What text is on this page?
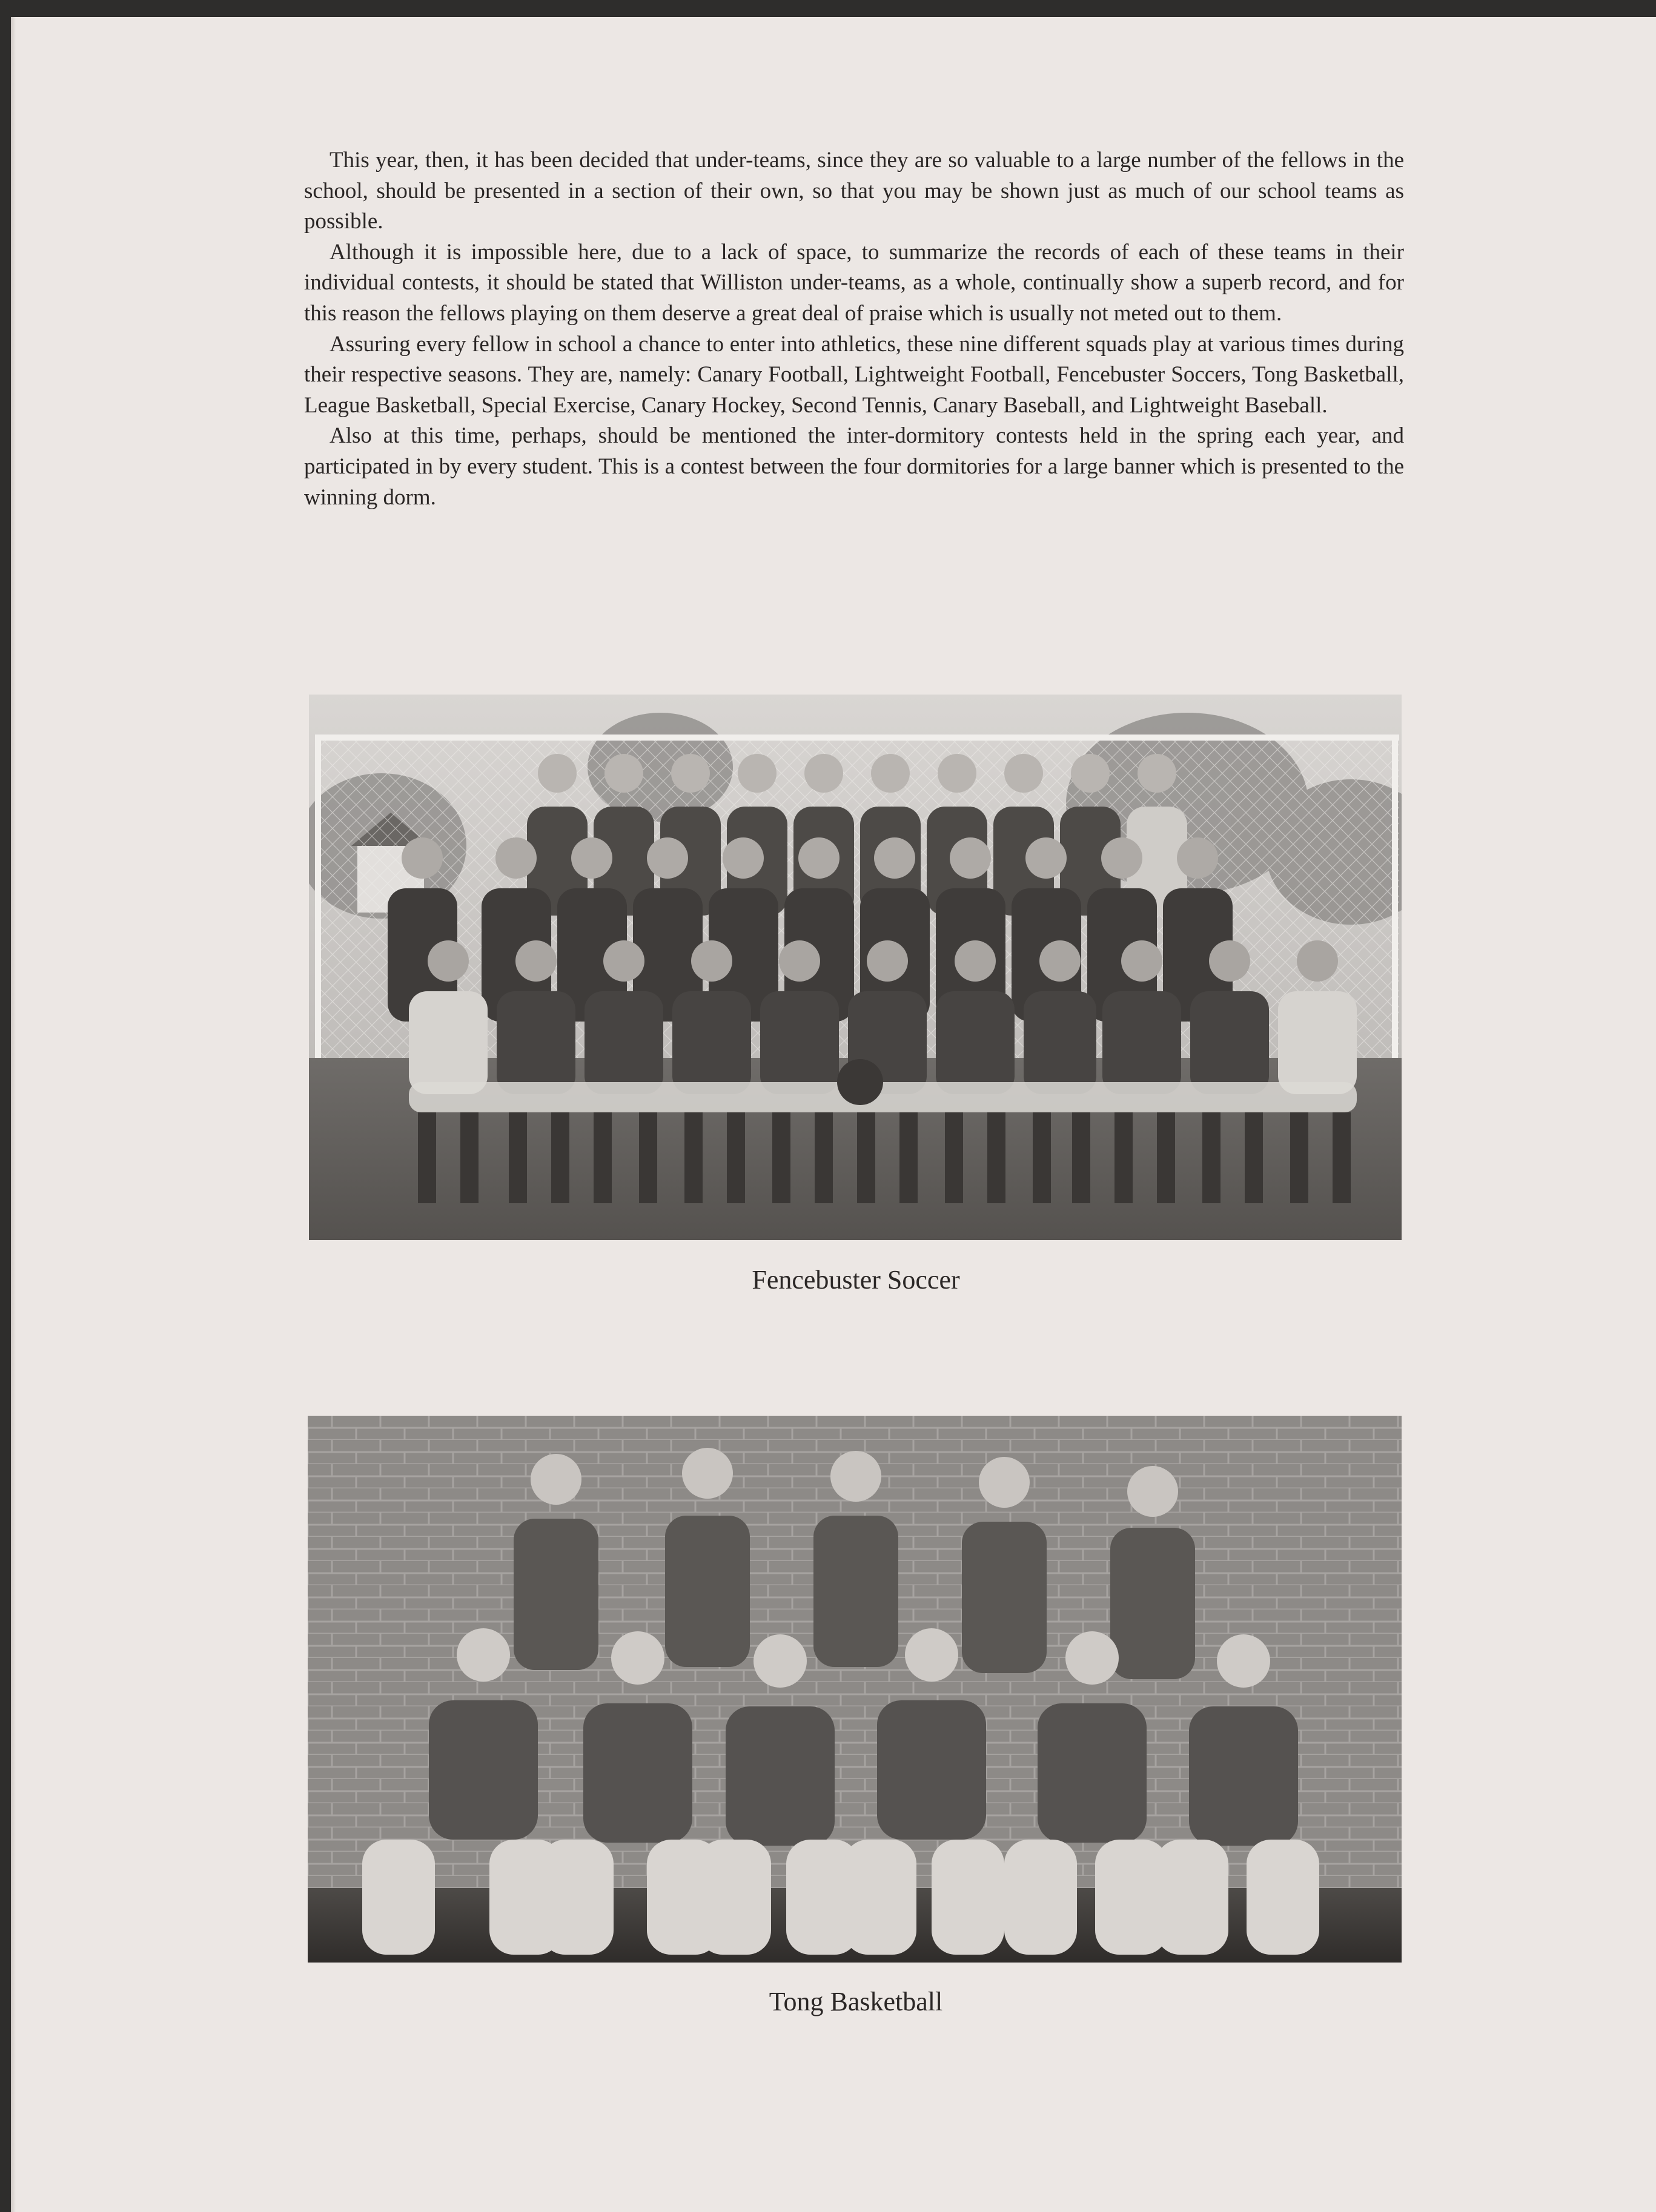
This year, then, it has been decided that under-teams, since they are so valuable to a large number of the fellows in the school, should be presented in a section of their own, so that you may be shown just as much of our school teams as possible.

Although it is impossible here, due to a lack of space, to summarize the records of each of these teams in their individual contests, it should be stated that Williston under-teams, as a whole, continually show a superb record, and for this reason the fellows playing on them deserve a great deal of praise which is usually not meted out to them.

Assuring every fellow in school a chance to enter into athletics, these nine different squads play at various times during their respective seasons. They are, namely: Canary Football, Lightweight Football, Fencebuster Soccers, Tong Basketball, League Basketball, Special Exercise, Canary Hockey, Second Tennis, Canary Baseball, and Lightweight Baseball.

Also at this time, perhaps, should be mentioned the inter-dormitory contests held in the spring each year, and participated in by every student. This is a contest between the four dormitories for a large banner which is presented to the winning dorm.

Fencebuster Soccer
Tong Basketball
